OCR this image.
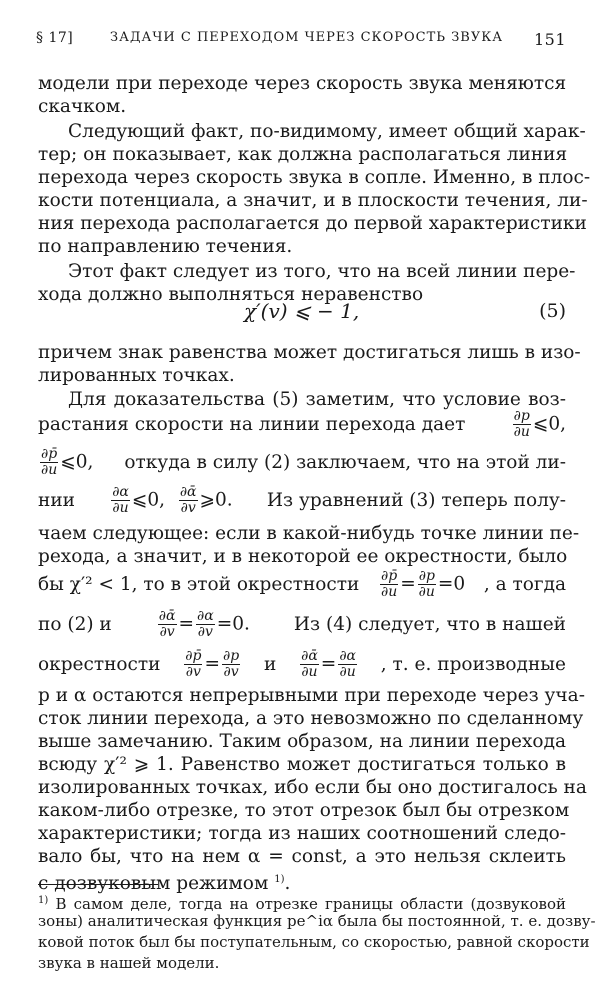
§ 17]	ЗАДАЧИ С ПЕРЕХОДОМ ЧЕРЕЗ СКОРОСТЬ ЗВУКА 151
модели при переходе через скорость звука меняются
скачком.
Следующий факт, по-видимому, имеет общий харак-
тер; он показывает, как должна располагаться линия
перехода через скорость звука в сопле. Именно, в плос-
кости потенциала, а значит, и в плоскости течения, ли-
ния перехода располагается до первой характеристики
по направлению течения.
Этот факт следует из того, что на всей линии пере-
хода должно выполняться неравенство
χ′(v) ⩽ − 1,	(5)
причем знак равенства может достигаться лишь в изо-
лированных точках.
Для доказательства (5) заметим, что условие воз-
растания скорости на линии перехода дает	$\frac{\partial p}{\partial u}$ ⩽0,
$\frac{\partial p̄}{\partial u}$ ⩽0, откуда в силу (2) заключаем, что на этой ли-
нии	$\frac{\partial\alpha}{\partial u}$ ⩽0, $\frac{\text{∂ᾱ}}{\partial v}$ ⩾0. Из уравнений (3) теперь полу-
чаем следующее: если в какой-нибудь точке линии пе-
рехода, а значит, и в некоторой ее окрестности, было
бы χ′² < 1, то в этой окрестности $\frac{\partial p̄}{\partial u} = \frac{\partial p}{\partial u} =0$ , а тогда
по (2) и	$\frac{\text{∂ᾱ}}{\partial v} = \frac{\partial\alpha}{\partial v} =0$. Из (4) следует, что в нашей
окрестности $\frac{\partial p̄}{\partial v} = \frac{\partial p}{\partial v}$ и $\frac{\text{∂ᾱ}}{\partial u} = \frac{\partial\alpha}{\partial u}$ , т. е. производные
p и α остаются непрерывными при переходе через уча-
сток линии перехода, а это невозможно по сделанному
выше замечанию. Таким образом, на линии перехода
всюду χ′² ⩾ 1. Равенство может достигаться только в
изолированных точках, ибо если бы оно достигалось на
каком-либо отрезке, то этот отрезок был бы отрезком
характеристики; тогда из наших соотношений следо-
вало бы, что на нем α = const, а это нельзя склеить
с дозвуковым режимом $^{1)}$.
$^{1)}$ В самом деле, тогда на отрезке границы области (дозвуковой
зоны) аналитическая функция pe^iα была бы постоянной, т. е. дозву-
ковой поток был бы поступательным, со скоростью, равной скорости
звука в нашей модели.
